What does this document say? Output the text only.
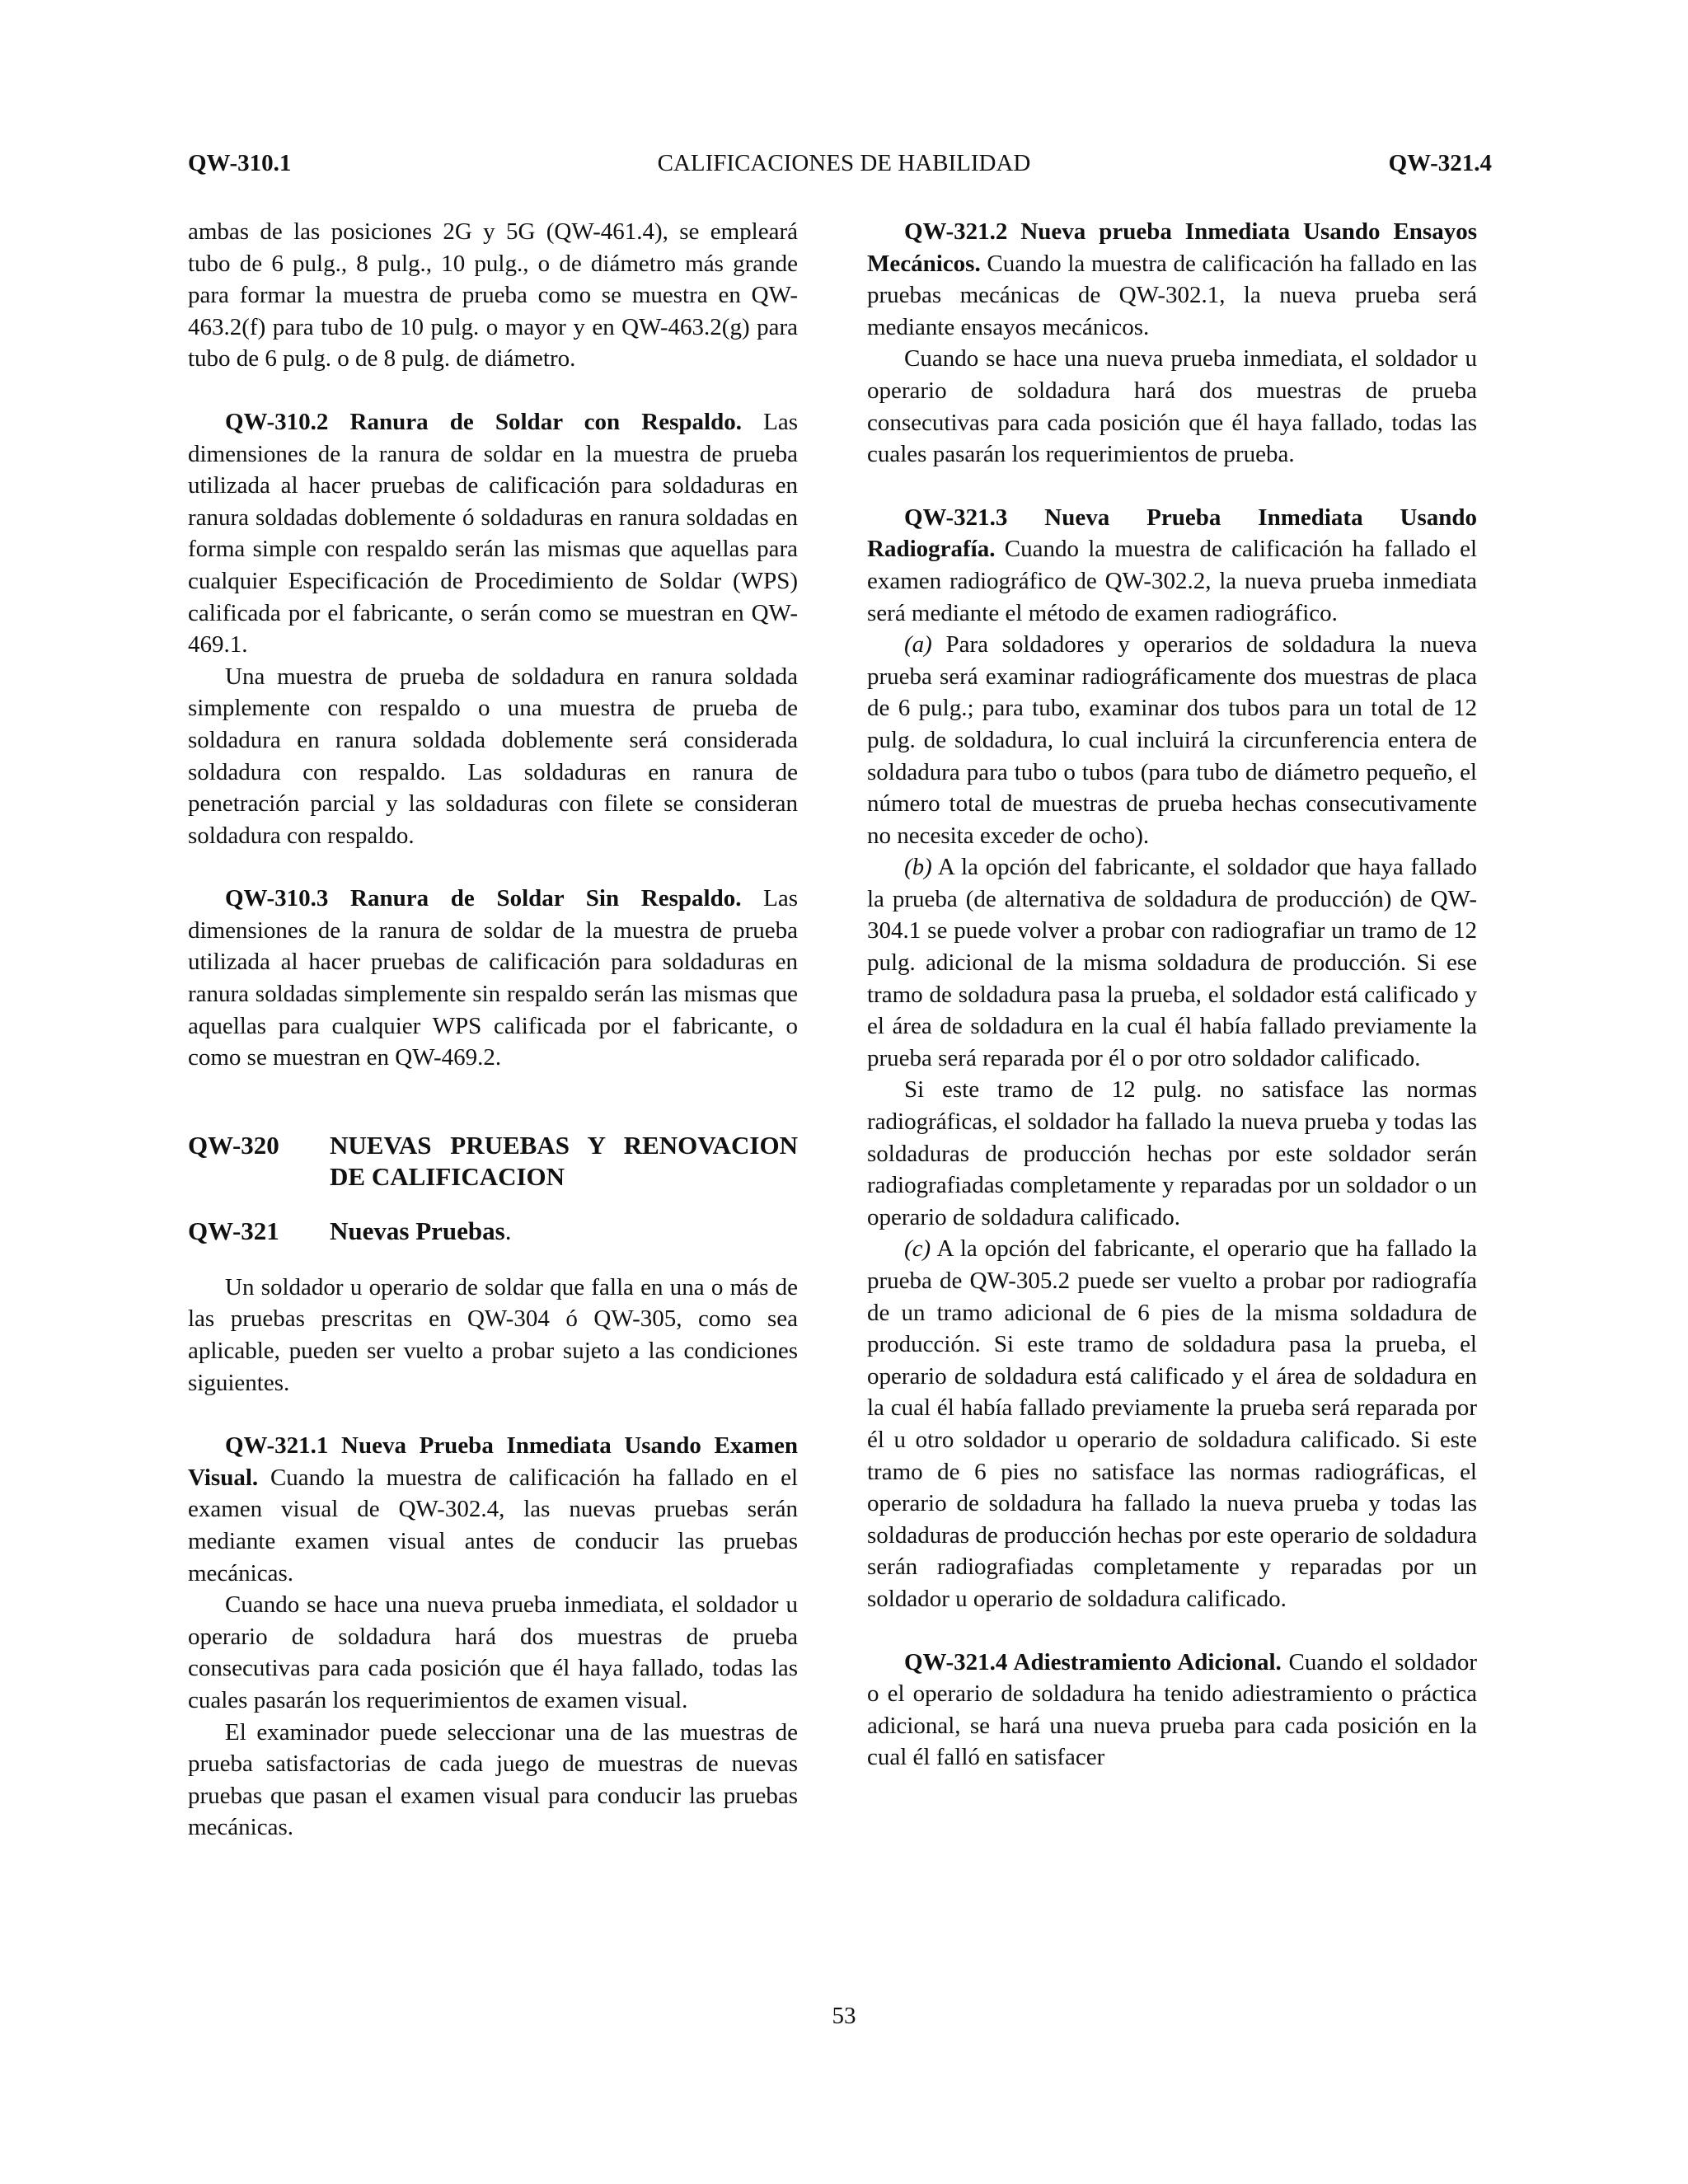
QW-310.1	CALIFICACIONES DE HABILIDAD	QW-321.4

ambas de las posiciones 2G y 5G (QW-461.4), se empleará tubo de 6 pulg., 8 pulg., 10 pulg., o de diámetro más grande para formar la muestra de prueba como se muestra en QW-463.2(f) para tubo de 10 pulg. o mayor y en QW-463.2(g) para tubo de 6 pulg. o de 8 pulg. de diámetro.

QW-310.2 Ranura de Soldar con Respaldo. Las dimensiones de la ranura de soldar en la muestra de prueba utilizada al hacer pruebas de calificación para soldaduras en ranura soldadas doblemente ó soldaduras en ranura soldadas en forma simple con respaldo serán las mismas que aquellas para cualquier Especificación de Procedimiento de Soldar (WPS) calificada por el fabricante, o serán como se muestran en QW-469.1.

Una muestra de prueba de soldadura en ranura soldada simplemente con respaldo o una muestra de prueba de soldadura en ranura soldada doblemente será considerada soldadura con respaldo. Las soldaduras en ranura de penetración parcial y las soldaduras con filete se consideran soldadura con respaldo.

QW-310.3 Ranura de Soldar Sin Respaldo. Las dimensiones de la ranura de soldar de la muestra de prueba utilizada al hacer pruebas de calificación para soldaduras en ranura soldadas simplemente sin respaldo serán las mismas que aquellas para cualquier WPS calificada por el fabricante, o como se muestran en QW-469.2.

QW-320	NUEVAS PRUEBAS Y RENOVACION DE CALIFICACION
QW-321	Nuevas Pruebas.

Un soldador u operario de soldar que falla en una o más de las pruebas prescritas en QW-304 ó QW-305, como sea aplicable, pueden ser vuelto a probar sujeto a las condiciones siguientes.

QW-321.1 Nueva Prueba Inmediata Usando Examen Visual. Cuando la muestra de calificación ha fallado en el examen visual de QW-302.4, las nuevas pruebas serán mediante examen visual antes de conducir las pruebas mecánicas.

Cuando se hace una nueva prueba inmediata, el soldador u operario de soldadura hará dos muestras de prueba consecutivas para cada posición que él haya fallado, todas las cuales pasarán los requerimientos de examen visual.

El examinador puede seleccionar una de las muestras de prueba satisfactorias de cada juego de muestras de nuevas pruebas que pasan el examen visual para conducir las pruebas mecánicas.

QW-321.2 Nueva prueba Inmediata Usando Ensayos Mecánicos. Cuando la muestra de calificación ha fallado en las pruebas mecánicas de QW-302.1, la nueva prueba será mediante ensayos mecánicos.

Cuando se hace una nueva prueba inmediata, el soldador u operario de soldadura hará dos muestras de prueba consecutivas para cada posición que él haya fallado, todas las cuales pasarán los requerimientos de prueba.

QW-321.3 Nueva Prueba Inmediata Usando Radiografía. Cuando la muestra de calificación ha fallado el examen radiográfico de QW-302.2, la nueva prueba inmediata será mediante el método de examen radiográfico.

(a) Para soldadores y operarios de soldadura la nueva prueba será examinar radiográficamente dos muestras de placa de 6 pulg.; para tubo, examinar dos tubos para un total de 12 pulg. de soldadura, lo cual incluirá la circunferencia entera de soldadura para tubo o tubos (para tubo de diámetro pequeño, el número total de muestras de prueba hechas consecutivamente no necesita exceder de ocho).

(b) A la opción del fabricante, el soldador que haya fallado la prueba (de alternativa de soldadura de producción) de QW-304.1 se puede volver a probar con radiografiar un tramo de 12 pulg. adicional de la misma soldadura de producción. Si ese tramo de soldadura pasa la prueba, el soldador está calificado y el área de soldadura en la cual él había fallado previamente la prueba será reparada por él o por otro soldador calificado.

Si este tramo de 12 pulg. no satisface las normas radiográficas, el soldador ha fallado la nueva prueba y todas las soldaduras de producción hechas por este soldador serán radiografiadas completamente y reparadas por un soldador o un operario de soldadura calificado.

(c) A la opción del fabricante, el operario que ha fallado la prueba de QW-305.2 puede ser vuelto a probar por radiografía de un tramo adicional de 6 pies de la misma soldadura de producción. Si este tramo de soldadura pasa la prueba, el operario de soldadura está calificado y el área de soldadura en la cual él había fallado previamente la prueba será reparada por él u otro soldador u operario de soldadura calificado. Si este tramo de 6 pies no satisface las normas radiográficas, el operario de soldadura ha fallado la nueva prueba y todas las soldaduras de producción hechas por este operario de soldadura serán radiografiadas completamente y reparadas por un soldador u operario de soldadura calificado.

QW-321.4 Adiestramiento Adicional. Cuando el soldador o el operario de soldadura ha tenido adiestramiento o práctica adicional, se hará una nueva prueba para cada posición en la cual él falló en satisfacer

53
